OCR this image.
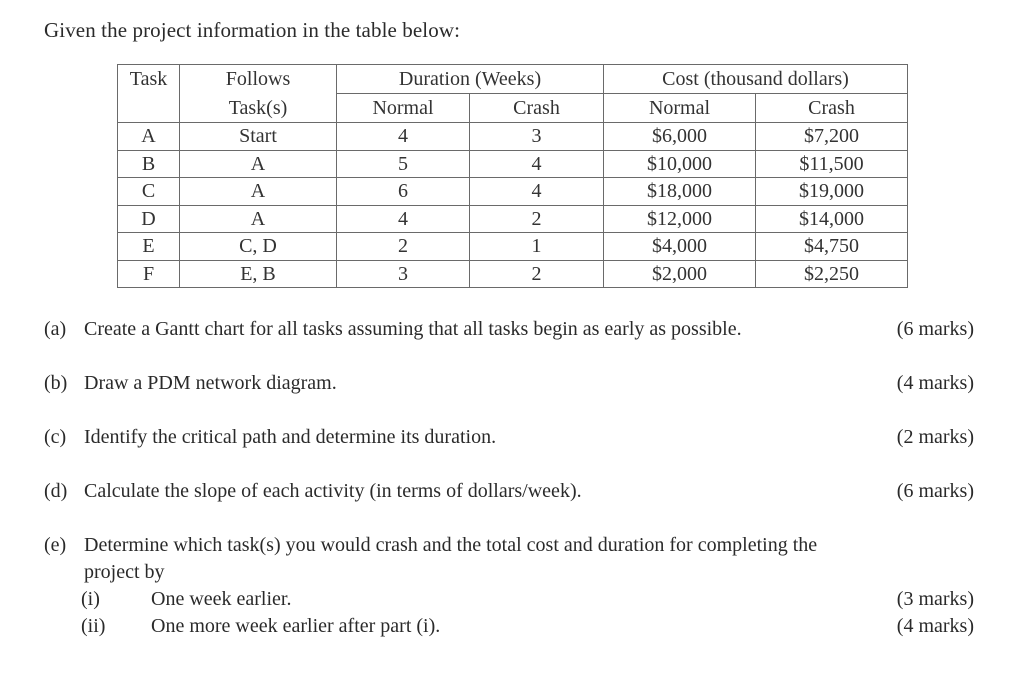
Given the project information in the table below:
Task	Follows	Duration (Weeks)		Cost (thousand dollars)	
	Task(s)	Normal	Crash	Normal	Crash
A	Start	4	3	$6,000	$7,200
B	A	5	4	$10,000	$11,500
C	A	6	4	$18,000	$19,000
D	A	4	2	$12,000	$14,000
E	C, D	2	1	$4,000	$4,750
F	E, B	3	2	$2,000	$2,250
(a) Create a Gantt chart for all tasks assuming that all tasks begin as early as possible.	(6 marks)
(b) Draw a PDM network diagram.	(4 marks)
(c) Identify the critical path and determine its duration.	(2 marks)
(d) Calculate the slope of each activity (in terms of dollars/week).	(6 marks)
(e) Determine which task(s) you would crash and the total cost and duration for completing the
project by
(i)	One week earlier.	(3 marks)
(ii) One more week earlier after part (i).	(4 marks)
